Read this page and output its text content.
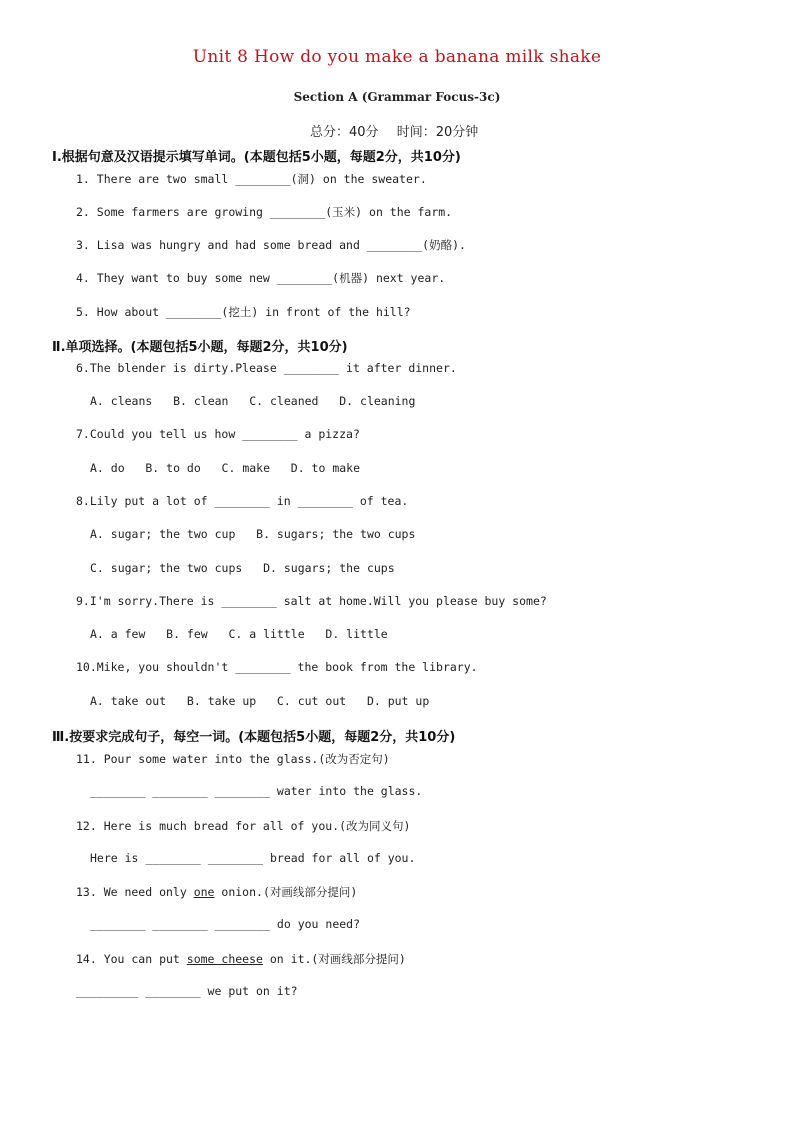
Unit 8 How do you make a banana milk shake
Section A (Grammar Focus-3c)
总分：40分 时间：20分钟
Ⅰ.根据句意及汉语提示填写单词。(本题包括5小题，每题2分，共10分)
1. There are two small ________(洞) on the sweater.
2. Some farmers are growing ________(玉米) on the farm.
3. Lisa was hungry and had some bread and ________(奶酪).
4. They want to buy some new ________(机器) next year.
5. How about ________(挖土) in front of the hill?
Ⅱ.单项选择。(本题包括5小题，每题2分，共10分)
6.The blender is dirty.Please ________ it after dinner.
A. cleans   B. clean   C. cleaned   D. cleaning
7.Could you tell us how ________ a pizza?
A. do   B. to do   C. make   D. to make
8.Lily put a lot of ________ in ________ of tea.
A. sugar; the two cup   B. sugars; the two cups
C. sugar; the two cups   D. sugars; the cups
9.I'm sorry.There is ________ salt at home.Will you please buy some?
A. a few   B. few   C. a little   D. little
10.Mike, you shouldn't ________ the book from the library.
A. take out   B. take up   C. cut out   D. put up
Ⅲ.按要求完成句子，每空一词。(本题包括5小题，每题2分，共10分)
11. Pour some water into the glass.(改为否定句)
________ ________ ________ water into the glass.
12. Here is much bread for all of you.(改为同义句)
Here is ________ ________ bread for all of you.
13. We need only one onion.(对画线部分提问)
________ ________ ________ do you need?
14. You can put some cheese on it.(对画线部分提问)
_________ ________ we put on it?
